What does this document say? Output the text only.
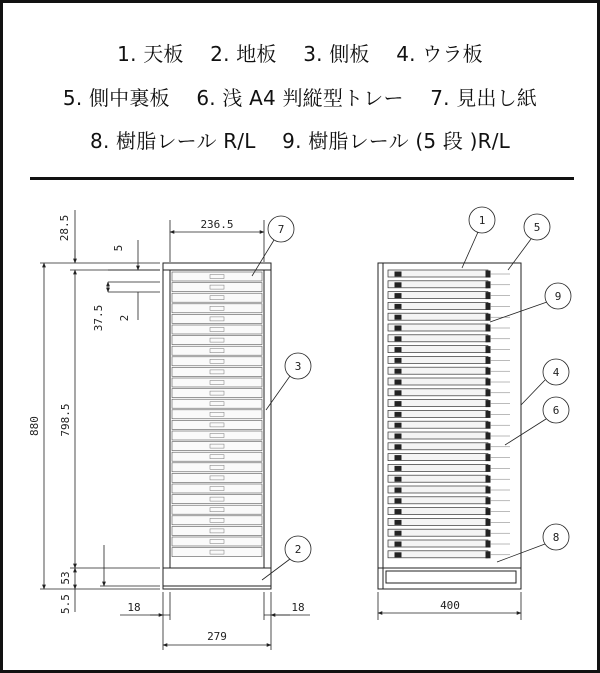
1. 天板 2. 地板 3. 側板 4. ウラ板
5. 側中裏板 6. 浅 A4 判縦型トレー 7. 見出し紙
8. 樹脂レール R/L 9. 樹脂レール (5 段 )R/L
28.5
880 798.5
53
5.5
5
37.5 2
236.5
18	18
279
7
3
2
400
1
5
9
4
6
8
